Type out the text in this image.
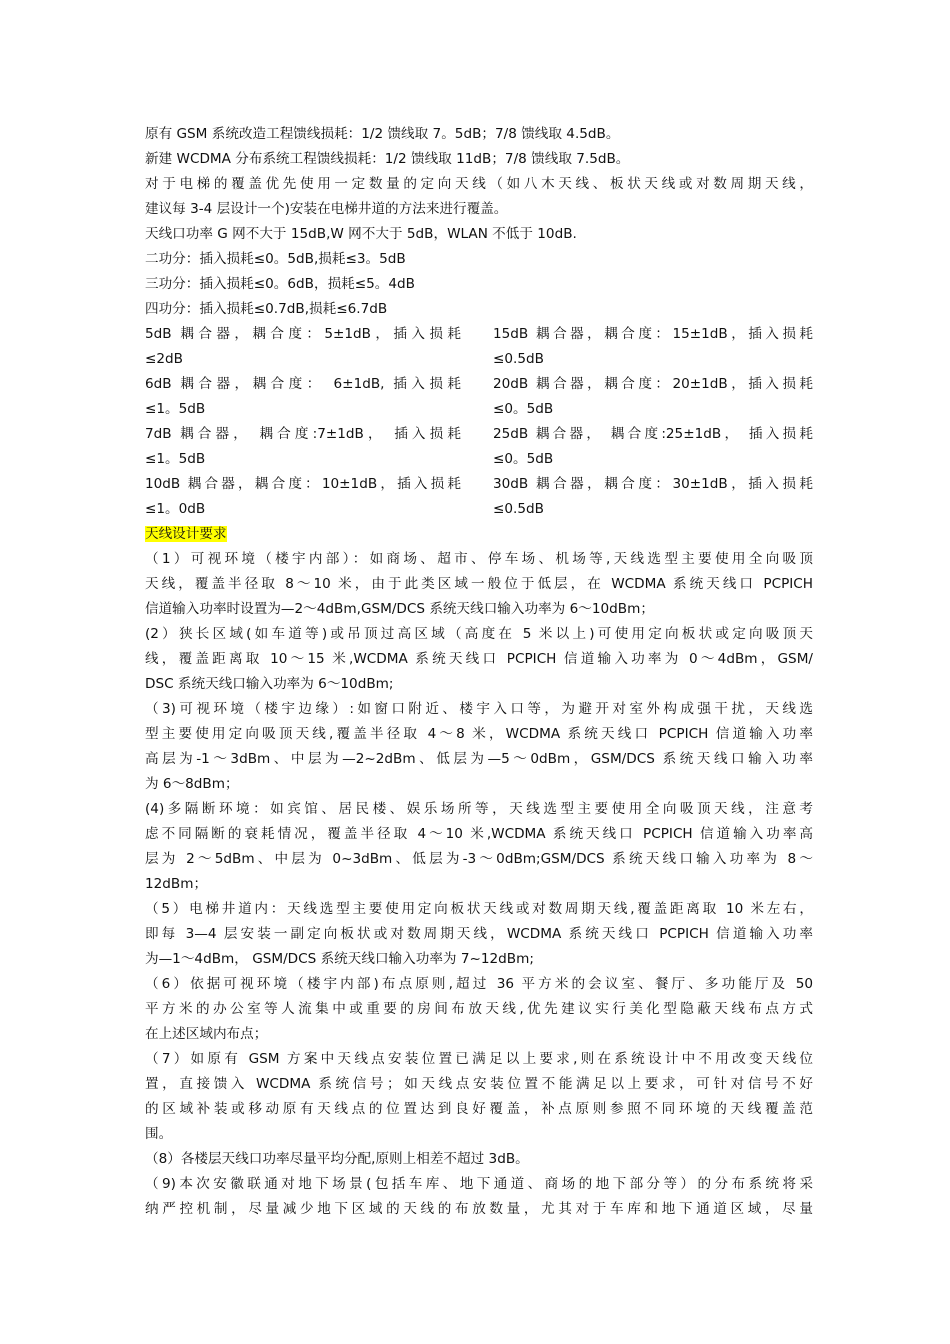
原有 GSM 系统改造工程馈线损耗：1/2 馈线取 7。5dB；7/8 馈线取 4.5dB。
新建 WCDMA 分布系统工程馈线损耗：1/2 馈线取 11dB；7/8 馈线取 7.5dB。
对于电梯的覆盖优先使用一定数量的定向天线（如八木天线、板状天线或对数周期天线，
建议每 3-4 层设计一个)安装在电梯井道的方法来进行覆盖。
天线口功率 G 网不大于 15dB,W 网不大于 5dB，WLAN 不低于 10dB.
二功分：插入损耗≤0。5dB,损耗≤3。5dB
三功分：插入损耗≤0。6dB，损耗≤5。4dB
四功分：插入损耗≤0.7dB,损耗≤6.7dB
5dB 耦合器，耦合度：5±1dB，插入损耗
≤2dB
6dB 耦合器，耦合度： 6±1dB, 插入损耗
≤1。5dB
7dB 耦合器， 耦合度:7±1dB， 插入损耗
≤1。5dB
10dB 耦合器，耦合度：10±1dB，插入损耗
≤1。0dB
15dB 耦合器，耦合度：15±1dB，插入损耗
≤0.5dB
20dB 耦合器，耦合度：20±1dB，插入损耗
≤0。5dB
25dB 耦合器， 耦合度:25±1dB， 插入损耗
≤0。5dB
30dB 耦合器，耦合度：30±1dB，插入损耗
≤0.5dB
天线设计要求
（1）可视环境（楼宇内部）：如商场、超市、停车场、机场等,天线选型主要使用全向吸顶
天线，覆盖半径取 8～10 米，由于此类区域一般位于低层，在 WCDMA 系统天线口 PCPICH
信道输入功率时设置为—2～4dBm,GSM/DCS 系统天线口输入功率为 6～10dBm；
(2）狭长区域(如车道等)或吊顶过高区域（高度在 5 米以上)可使用定向板状或定向吸顶天
线，覆盖距离取 10～15 米,WCDMA 系统天线口 PCPICH 信道输入功率为 0～4dBm，GSM/
DSC 系统天线口输入功率为 6～10dBm;
（3)可视环境（楼宇边缘）:如窗口附近、楼宇入口等，为避开对室外构成强干扰，天线选
型主要使用定向吸顶天线,覆盖半径取 4～8 米，WCDMA 系统天线口 PCPICH 信道输入功率
高层为-1～3dBm、中层为—2~2dBm、低层为—5～0dBm，GSM/DCS 系统天线口输入功率
为 6～8dBm；
(4)多隔断环境：如宾馆、居民楼、娱乐场所等，天线选型主要使用全向吸顶天线，注意考
虑不同隔断的衰耗情况，覆盖半径取 4～10 米,WCDMA 系统天线口 PCPICH 信道输入功率高
层为 2～5dBm、中层为 0~3dBm、低层为-3～0dBm;GSM/DCS 系统天线口输入功率为 8～
12dBm；
（5）电梯井道内：天线选型主要使用定向板状天线或对数周期天线,覆盖距离取 10 米左右，
即每 3—4 层安装一副定向板状或对数周期天线，WCDMA 系统天线口 PCPICH 信道输入功率
为—1～4dBm， GSM/DCS 系统天线口输入功率为 7~12dBm;
（6）依据可视环境（楼宇内部)布点原则,超过 36 平方米的会议室、餐厅、多功能厅及 50
平方米的办公室等人流集中或重要的房间布放天线,优先建议实行美化型隐蔽天线布点方式
在上述区域内布点；
（7）如原有 GSM 方案中天线点安装位置已满足以上要求,则在系统设计中不用改变天线位
置，直接馈入 WCDMA 系统信号；如天线点安装位置不能满足以上要求，可针对信号不好
的区域补装或移动原有天线点的位置达到良好覆盖，补点原则参照不同环境的天线覆盖范
围。
（8）各楼层天线口功率尽量平均分配,原则上相差不超过 3dB。
（9)本次安徽联通对地下场景(包括车库、地下通道、商场的地下部分等）的分布系统将采
纳严控机制，尽量减少地下区域的天线的布放数量，尤其对于车库和地下通道区域，尽量
